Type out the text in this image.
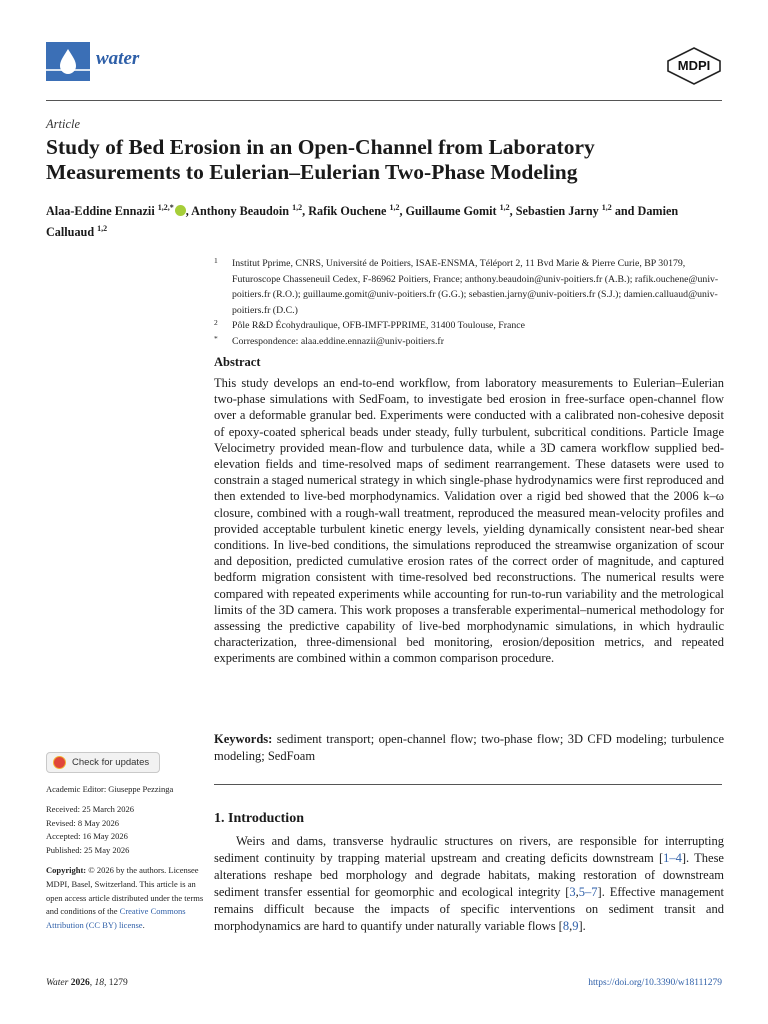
water	MDPI
Article
Study of Bed Erosion in an Open-Channel from Laboratory Measurements to Eulerian–Eulerian Two-Phase Modeling
Alaa-Eddine Ennazii $^{1,2,*}$ , Anthony Beaudoin $^{1,2}$, Rafik Ouchene $^{1,2}$, Guillaume Gomit $^{1,2}$, Sebastien Jarny $^{1,2}$ and Damien Calluaud $^{1,2}$
1 Institut Pprime, CNRS, Université de Poitiers, ISAE-ENSMA, Téléport 2, 11 Bvd Marie & Pierre Curie, BP 30179, Futuroscope Chasseneuil Cedex, F-86962 Poitiers, France; anthony.beaudoin@univ-poitiers.fr (A.B.); rafik.ouchene@univ-poitiers.fr (R.O.); guillaume.gomit@univ-poitiers.fr (G.G.); sebastien.jarny@univ-poitiers.fr (S.J.); damien.calluaud@univ-poitiers.fr (D.C.)
2 Pôle R&D Écohydraulique, OFB-IMFT-PPRIME, 31400 Toulouse, France
* Correspondence: alaa.eddine.ennazii@univ-poitiers.fr
Abstract
This study develops an end-to-end workflow, from laboratory measurements to Eulerian–Eulerian two-phase simulations with SedFoam, to investigate bed erosion in free-surface open-channel flow over a deformable granular bed. Experiments were conducted with a calibrated non-cohesive deposit of epoxy-coated spherical beads under steady, fully turbulent, subcritical conditions. Particle Image Velocimetry provided mean-flow and turbulence data, while a 3D camera workflow supplied bed-elevation fields and time-resolved maps of sediment rearrangement. These datasets were used to constrain a staged numerical strategy in which single-phase hydrodynamics were first reproduced and then extended to live-bed morphodynamics. Validation over a rigid bed showed that the 2006 k–ω closure, combined with a rough-wall treatment, reproduced the measured mean-velocity profiles and provided acceptable turbulent kinetic energy levels, yielding dynamically consistent near-bed shear conditions. In live-bed conditions, the simulations reproduced the streamwise organization of scour and deposition, predicted cumulative erosion rates of the correct order of magnitude, and captured bedform migration consistent with time-resolved bed reconstructions. The numerical results were compared with repeated experiments while accounting for run-to-run variability and the metrological limits of the 3D camera. This work proposes a transferable experimental–numerical methodology for assessing the predictive capability of live-bed morphodynamic simulations, in which hydraulic characterization, three-dimensional bed monitoring, erosion/deposition metrics, and repeated experiments are combined within a common comparison procedure.
Keywords: sediment transport; open-channel flow; two-phase flow; 3D CFD modeling; turbulence modeling; SedFoam
1. Introduction
Weirs and dams, transverse hydraulic structures on rivers, are responsible for interrupting sediment continuity by trapping material upstream and creating deficits downstream [1–4]. These alterations reshape bed morphology and degrade habitats, making restoration of downstream sediment transfer essential for geomorphic and ecological integrity [3,5–7]. Effective management remains difficult because the impacts of specific interventions on sediment transit and morphodynamics are hard to quantify under naturally variable flows [8,9].
Check for updates
Academic Editor: Giuseppe Pezzinga
Received: 25 March 2026
Revised: 8 May 2026
Accepted: 16 May 2026
Published: 25 May 2026
Copyright: © 2026 by the authors. Licensee MDPI, Basel, Switzerland. This article is an open access article distributed under the terms and conditions of the Creative Commons Attribution (CC BY) license.
Water 2026, 18, 1279	https://doi.org/10.3390/w18111279
